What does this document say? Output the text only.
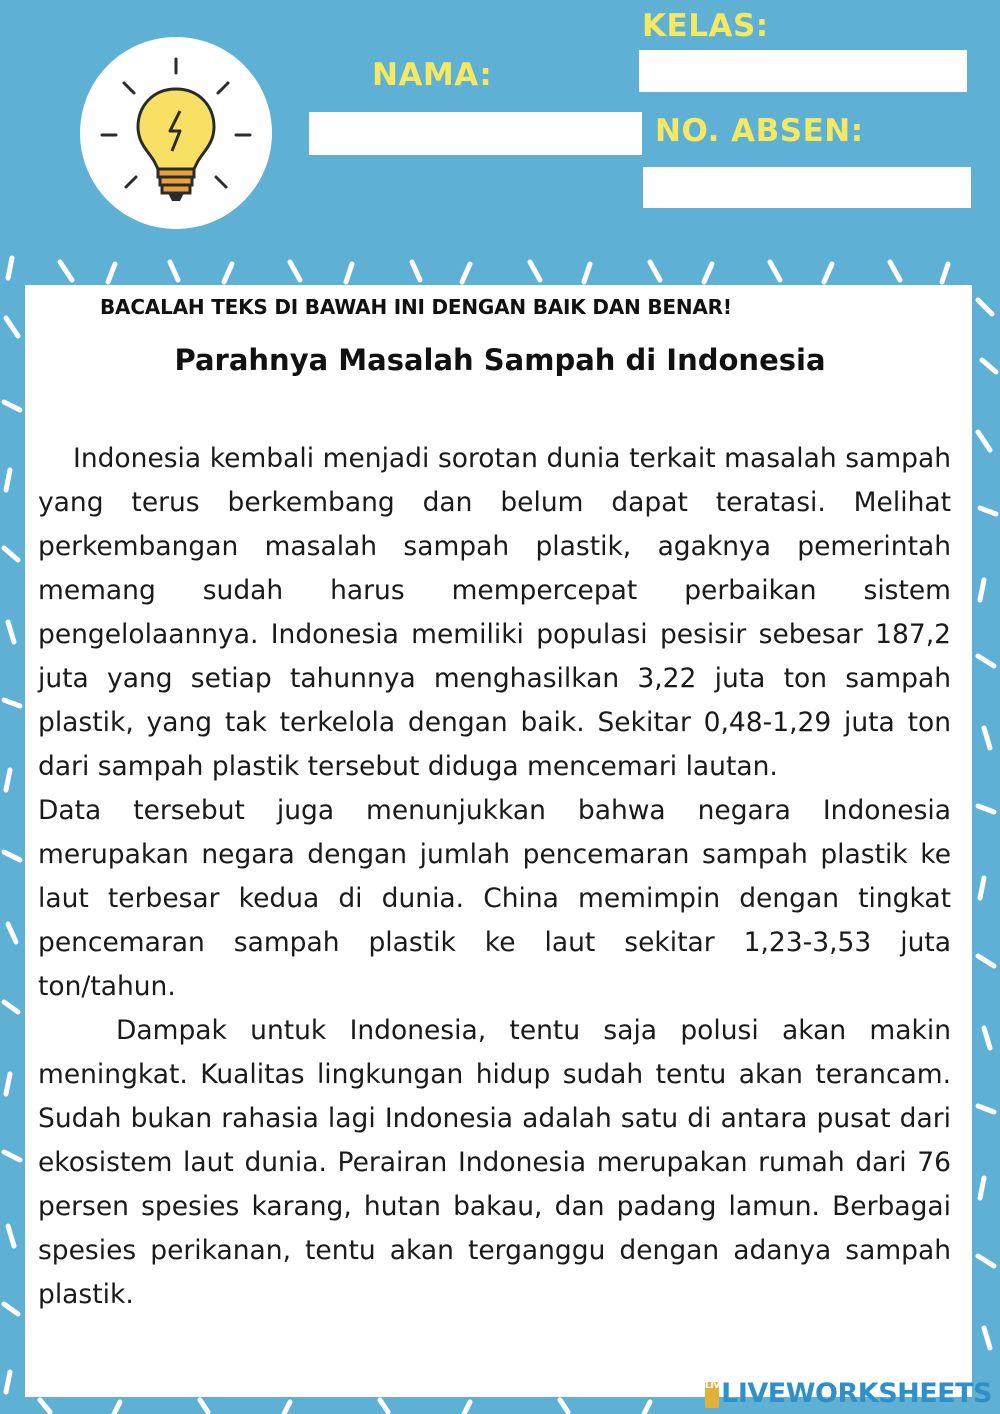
NAMA:
KELAS:
NO. ABSEN:
BACALAH TEKS DI BAWAH INI DENGAN BAIK DAN BENAR!
Parahnya Masalah Sampah di Indonesia

Indonesia kembali menjadi sorotan dunia terkait masalah sampah yang terus berkembang dan belum dapat teratasi. Melihat perkembangan masalah sampah plastik, agaknya pemerintah memang sudah harus mempercepat perbaikan sistem pengelolaannya. Indonesia memiliki populasi pesisir sebesar 187,2 juta yang setiap tahunnya menghasilkan 3,22 juta ton sampah plastik, yang tak terkelola dengan baik. Sekitar 0,48-1,29 juta ton dari sampah plastik tersebut diduga mencemari lautan.

Data tersebut juga menunjukkan bahwa negara Indonesia merupakan negara dengan jumlah pencemaran sampah plastik ke laut terbesar kedua di dunia. China memimpin dengan tingkat pencemaran sampah plastik ke laut sekitar 1,23-3,53 juta ton/tahun.

Dampak untuk Indonesia, tentu saja polusi akan makin meningkat. Kualitas lingkungan hidup sudah tentu akan terancam. Sudah bukan rahasia lagi Indonesia adalah satu di antara pusat dari ekosistem laut dunia. Perairan Indonesia merupakan rumah dari 76 persen spesies karang, hutan bakau, dan padang lamun. Berbagai spesies perikanan, tentu akan terganggu dengan adanya sampah plastik.

LIVELIVEWORKSHEETS
